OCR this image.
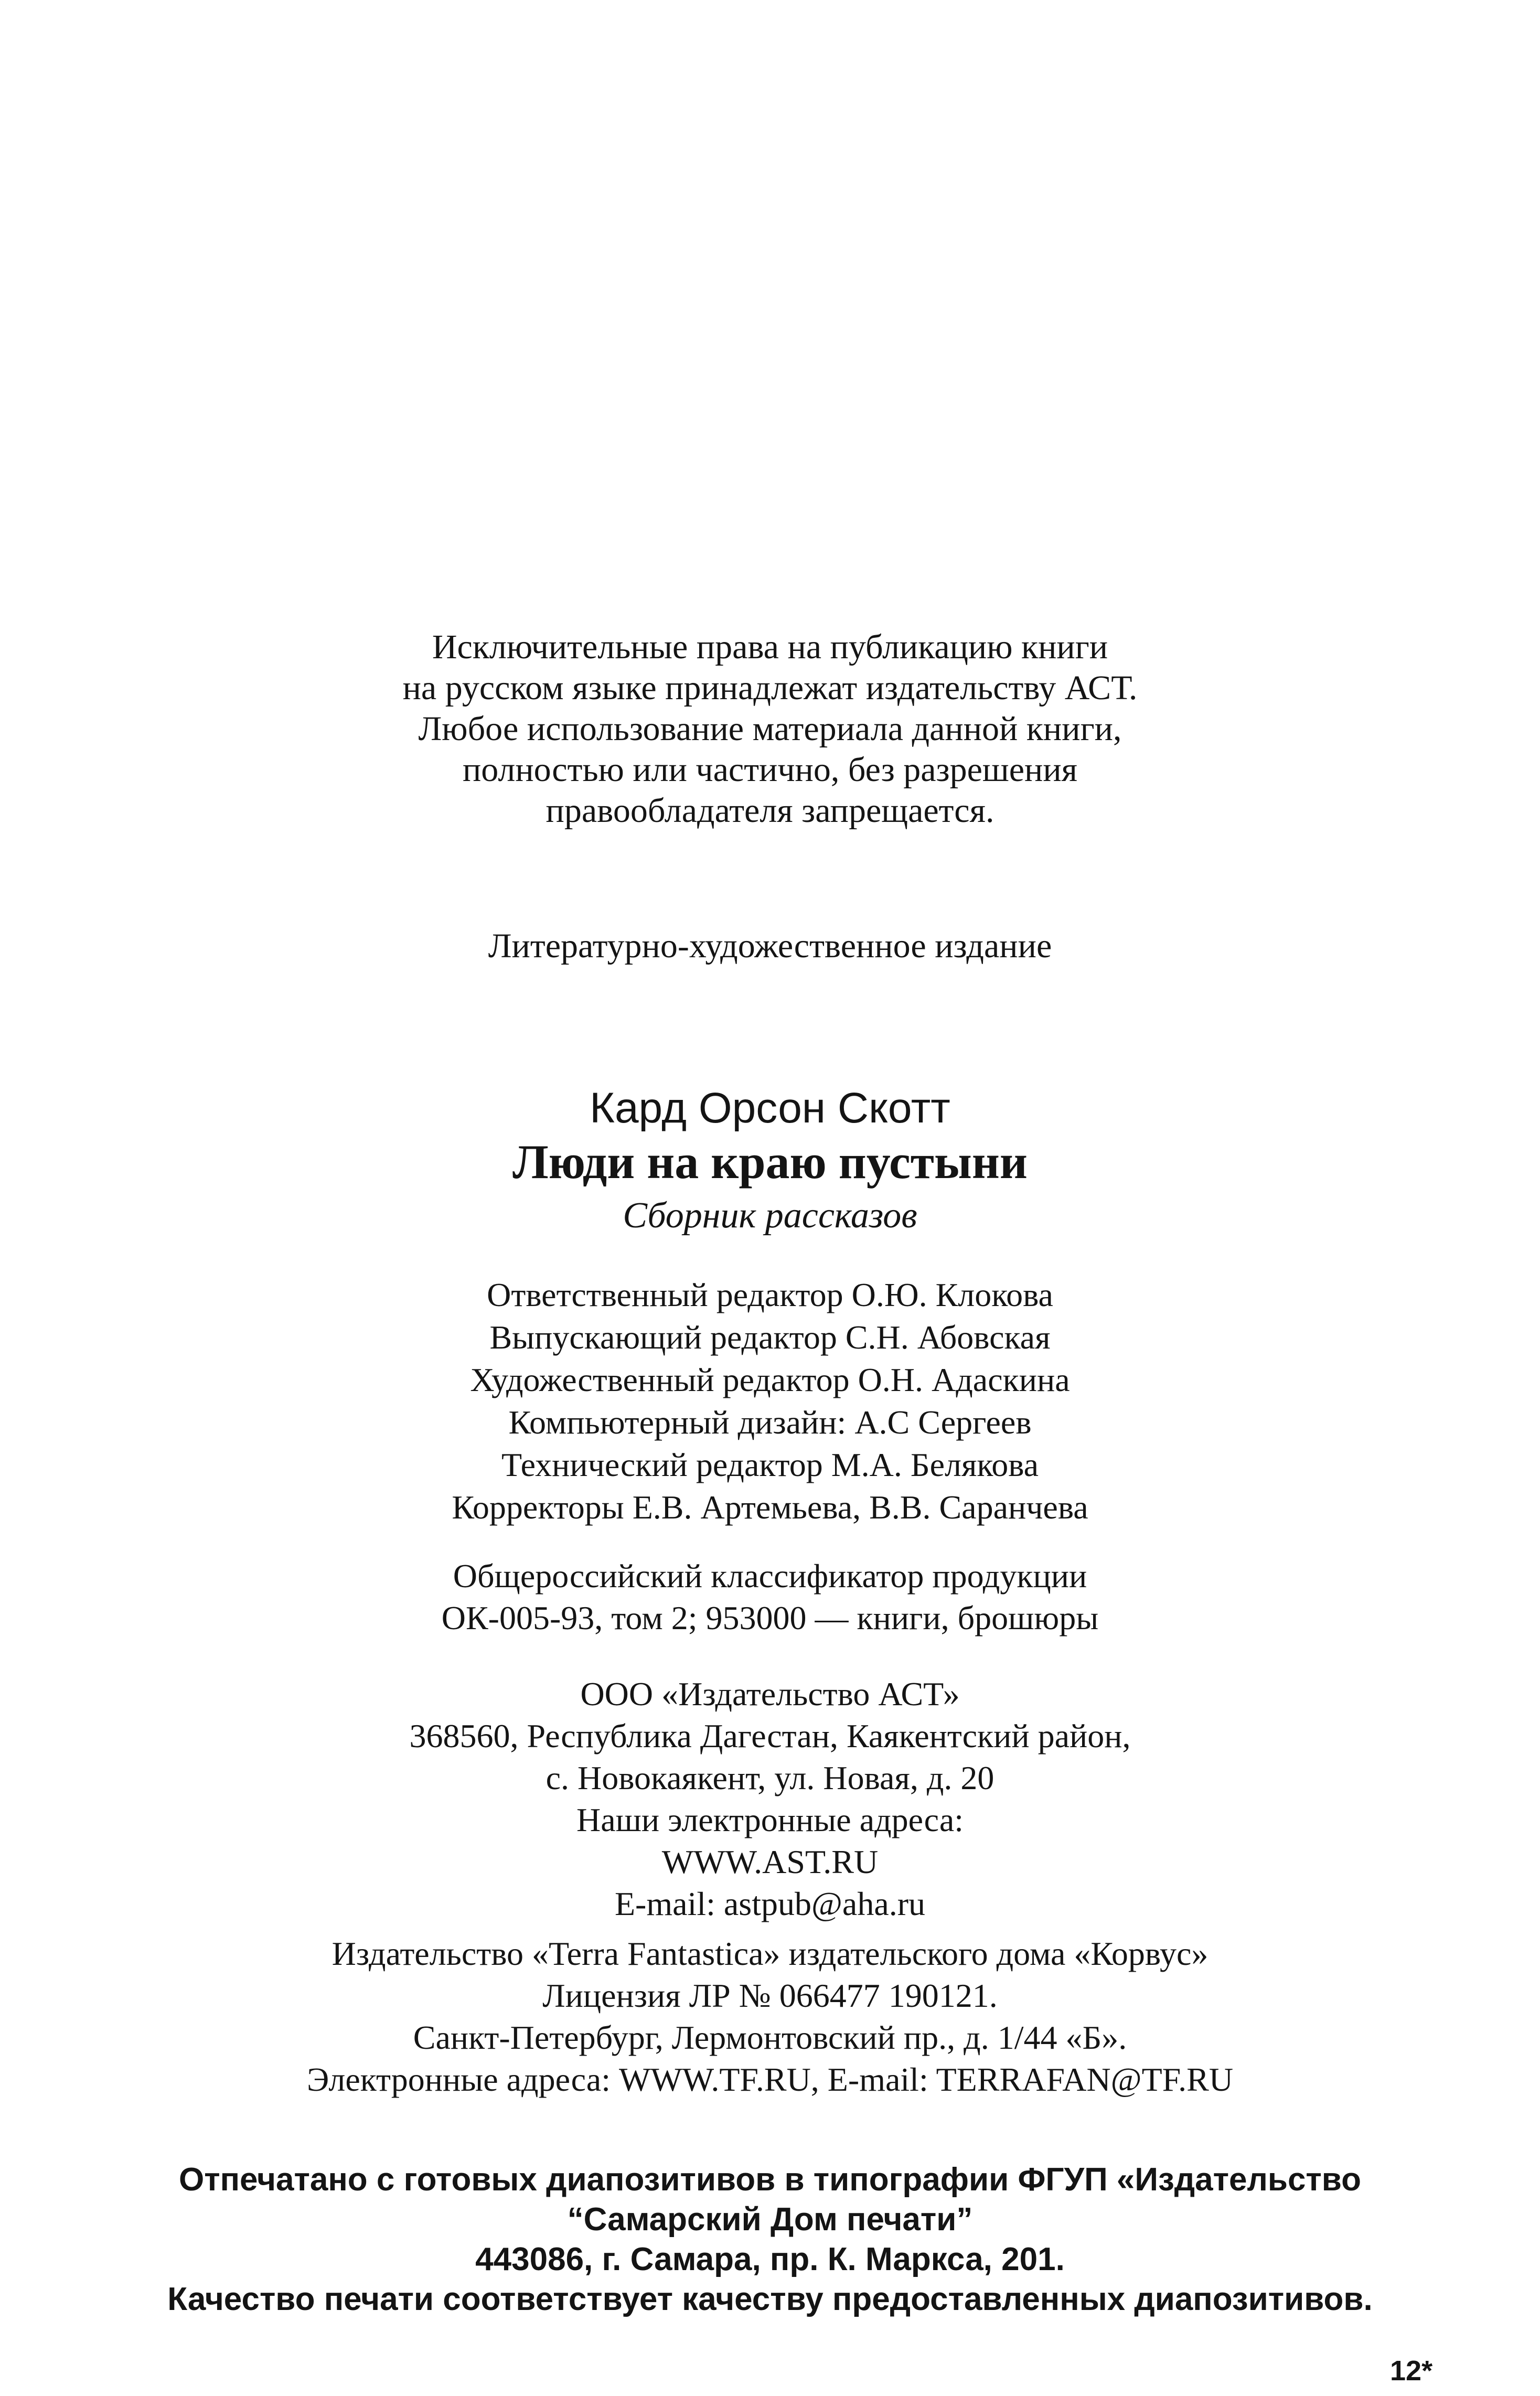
Исключительные права на публикацию книги
на русском языке принадлежат издательству АСТ.
Любое использование материала данной книги,
полностью или частично, без разрешения
правообладателя запрещается.
Литературно-художественное издание
Кард Орсон Скотт
Люди на краю пустыни
Сборник рассказов
Ответственный редактор О.Ю. Клокова
Выпускающий редактор С.Н. Абовская
Художественный редактор О.Н. Адаскина
Компьютерный дизайн: А.С Сергеев
Технический редактор М.А. Белякова
Корректоры Е.В. Артемьева, В.В. Саранчева
Общероссийский классификатор продукции
ОК-005-93, том 2; 953000 — книги, брошюры
ООО «Издательство АСТ»
368560, Республика Дагестан, Каякентский район,
с. Новокаякент, ул. Новая, д. 20
Наши электронные адреса:
WWW.AST.RU
E-mail: astpub@aha.ru
Издательство «Terra Fantastica» издательского дома «Корвус»
Лицензия ЛР № 066477 190121.
Санкт-Петербург, Лермонтовский пр., д. 1/44 «Б».
Электронные адреса: WWW.TF.RU, E-mail: TERRAFAN@TF.RU
Отпечатано с готовых диапозитивов в типографии ФГУП «Издательство
“Самарский Дом печати”
443086, г. Самара, пр. К. Маркса, 201.
Качество печати соответствует качеству предоставленных диапозитивов.
12*
